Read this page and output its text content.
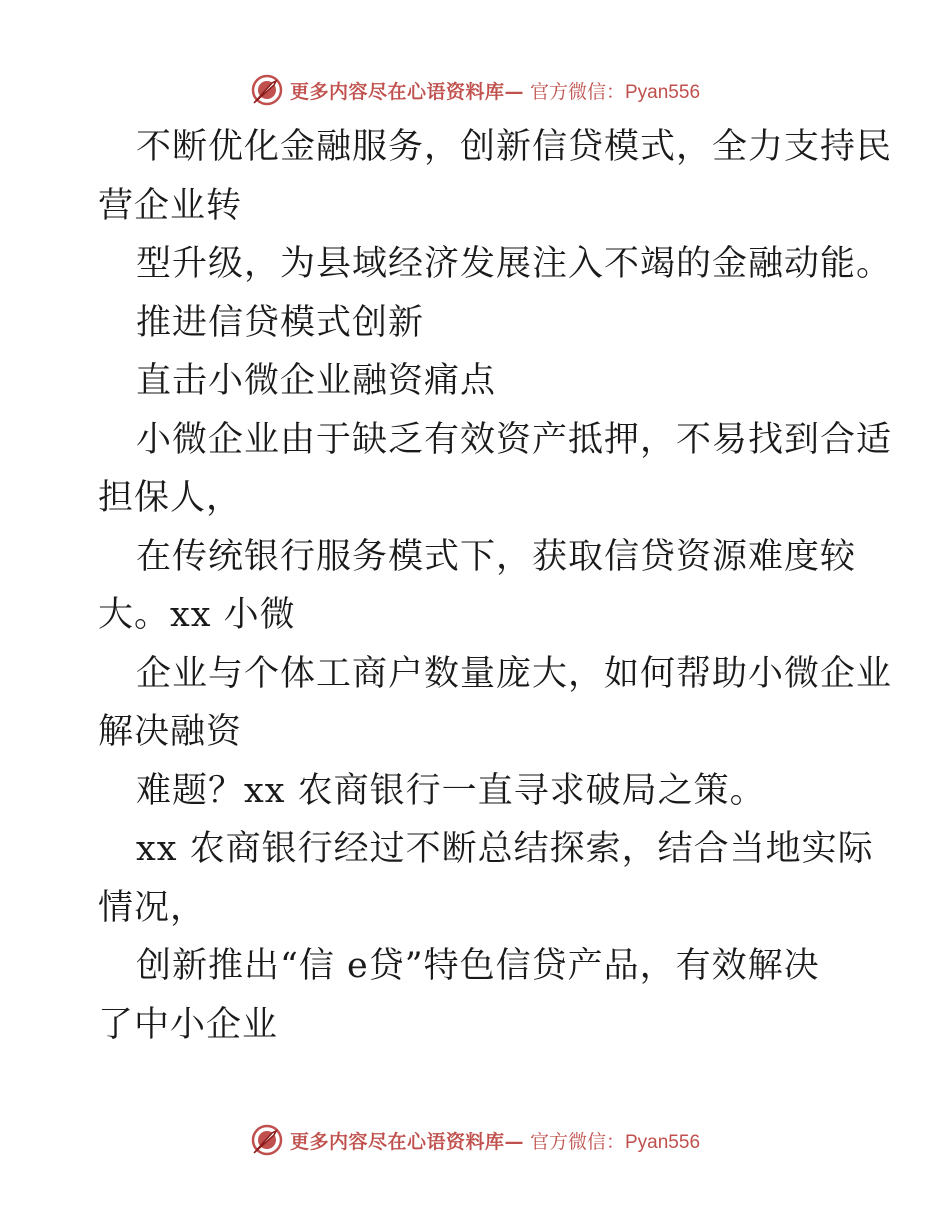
更多内容尽在心语资料库— 官方微信：Pyan556
不断优化金融服务，创新信贷模式，全力支持民
营企业转
型升级，为县域经济发展注入不竭的金融动能。
推进信贷模式创新
直击小微企业融资痛点
小微企业由于缺乏有效资产抵押，不易找到合适
担保人，
在传统银行服务模式下，获取信贷资源难度较
大。xx 小微
企业与个体工商户数量庞大，如何帮助小微企业
解决融资
难题？xx 农商银行一直寻求破局之策。
xx 农商银行经过不断总结探索，结合当地实际
情况，
创新推出“信 e贷”特色信贷产品，有效解决
了中小企业
更多内容尽在心语资料库— 官方微信：Pyan556
